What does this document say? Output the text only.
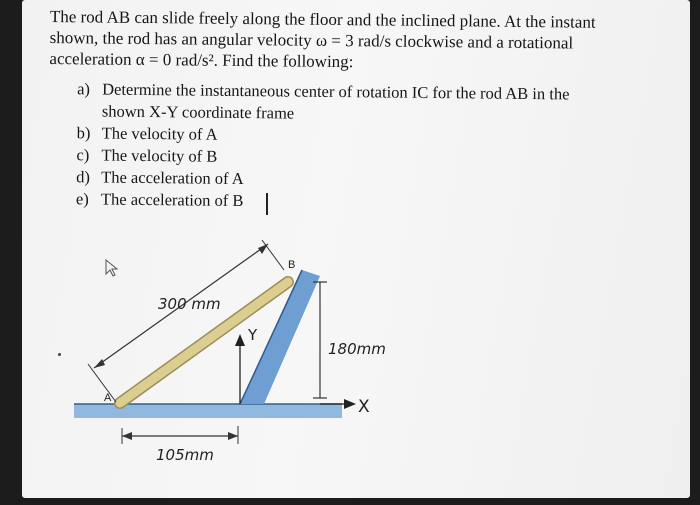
The rod AB can slide freely along the floor and the inclined plane. At the instant

shown, the rod has an angular velocity ω = 3 rad/s clockwise and a rotational

acceleration α = 0 rad/s². Find the following:

a) Determine the instantaneous center of rotation IC for the rod AB in the
shown X-Y coordinate frame
b) The velocity of A
c) The velocity of B
d) The acceleration of A
e) The acceleration of B
A
B
300 mm
Y
180mm
X
105mm
